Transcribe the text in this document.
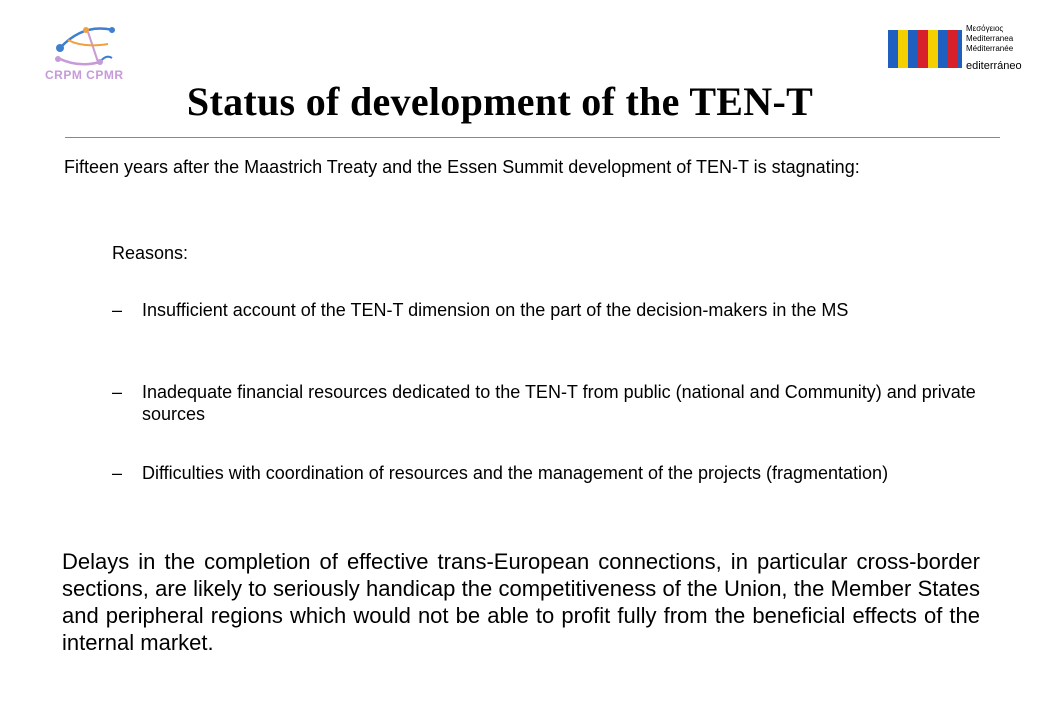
CRPM CPMR
Μεσόγειος
Mediterranea
Méditerranée
editerráneo
Status of development of the TEN-T
Fifteen years after the Maastrich Treaty and the Essen Summit development of TEN-T is stagnating:
Reasons:
– Insufficient account of the TEN-T dimension on the part of the decision-makers in the MS
– Inadequate financial resources dedicated to the TEN-T from public (national and Community) and private sources
– Difficulties with coordination of resources and the management of the projects (fragmentation)
Delays in the completion of effective trans-European connections, in particular cross-border sections, are likely to seriously handicap the competitiveness of the Union, the Member States and peripheral regions which would not be able to profit fully from the beneficial effects of the internal market.
